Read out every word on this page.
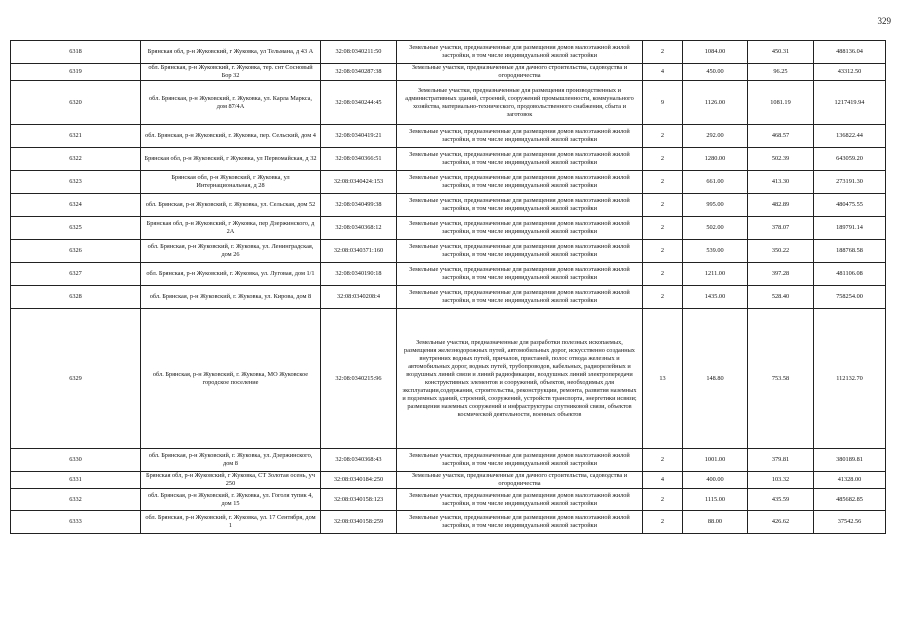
329
6318	Брянская обл, р-н Жуковский, г Жуковка, ул Тельмана, д 43 А	32:08:0340211:50	Земельные участки, предназначенные для размещения домов малоэтажной жилой застройки, в том числе индивидуальной жилой застройки	2	1084.00	450.31	488136.04
6319	обл. Брянская, р-н Жуковский, г. Жуковка, тер. снт Сосновый Бор 32	32:08:0340287:38	Земельные участки, предназначенные для дачного строительства, садоводства и огородничества	4	450.00	96.25	43312.50
6320	обл. Брянская, р-н Жуковский, г. Жуковка, ул. Карла Маркса, дом 87/4А	32:08:0340244:45	Земельные участки, предназначенные для размещения производственных и административных зданий, строений, сооружений промышленности, коммунального хозяйства, материально-технического, продовольственного снабжения, сбыта и заготовок	9	1126.00	1081.19	1217419.94
6321	обл. Брянская, р-н Жуковский, г. Жуковка, пер. Сельский, дом 4	32:08:0340419:21	Земельные участки, предназначенные для размещения домов малоэтажной жилой застройки, в том числе индивидуальной жилой застройки	2	292.00	468.57	136822.44
6322	Брянская обл, р-н Жуковский, г Жуковка, ул Первомайская, д 32	32:08:0340366:51	Земельные участки, предназначенные для размещения домов малоэтажной жилой застройки, в том числе индивидуальной жилой застройки	2	1280.00	502.39	643059.20
6323	Брянская обл, р-н Жуковский, г Жуковка, ул Интернациональная, д 28	32:08:0340424:153	Земельные участки, предназначенные для размещения домов малоэтажной жилой застройки, в том числе индивидуальной жилой застройки	2	661.00	413.30	273191.30
6324	обл. Брянская, р-н Жуковский, г. Жуковка, ул. Сельская, дом 52	32:08:0340499:38	Земельные участки, предназначенные для размещения домов малоэтажной жилой застройки, в том числе индивидуальной жилой застройки	2	995.00	482.89	480475.55
6325	Брянская обл, р-н Жуковский, г Жуковка, пер Дзержинского, д 2А	32:08:0340368:12	Земельные участки, предназначенные для размещения домов малоэтажной жилой застройки, в том числе индивидуальной жилой застройки	2	502.00	378.07	189791.14
6326	обл. Брянская, р-н Жуковский, г. Жуковка, ул. Ленинградская, дом 26	32:08:0340371:160	Земельные участки, предназначенные для размещения домов малоэтажной жилой застройки, в том числе индивидуальной жилой застройки	2	539.00	350.22	188768.58
6327	обл. Брянская, р-н Жуковский, г. Жуковка, ул. Луговая, дом 1/1	32:08:0340190:18	Земельные участки, предназначенные для размещения домов малоэтажной жилой застройки, в том числе индивидуальной жилой застройки	2	1211.00	397.28	481106.08
6328	обл. Брянская, р-н Жуковский, г. Жуковка, ул. Кирова, дом 8	32:08:0340208:4	Земельные участки, предназначенные для размещения домов малоэтажной жилой застройки, в том числе индивидуальной жилой застройки	2	1435.00	528.40	758254.00
6329	обл. Брянская, р-н Жуковский, г. Жуковка, МО Жуковское городское поселение	32:08:0340215:96	Земельные участки, предназначенные для разработки полезных ископаемых, размещения железнодорожных путей, автомобильных дорог, искусственно созданных внутренних водных путей, причалов, пристаней, полос отвода железных и автомобильных дорог, водных путей, трубопроводов, кабельных, радиорелейных и воздушных линий связи и линий радиофикации, воздушных линий электропередачи конструктивных элементов и сооружений, объектов, необходимых для эксплуатации,содержания, строительства, реконструкции, ремонта, развития наземных и подземных зданий, строений, сооружений, устройств транспорта, энергетики исвязи; размещения наземных сооружений и инфраструктуры спутниковой связи, объектов космической деятельности, военных объектов	13	148.80	753.58	112132.70
6330	обл. Брянская, р-н Жуковский, г. Жуковка, ул. Дзержинского, дом 8	32:08:0340368:43	Земельные участки, предназначенные для размещения домов малоэтажной жилой застройки, в том числе индивидуальной жилой застройки	2	1001.00	379.81	380189.81
6331	Брянская обл, р-н Жуковский, г Жуковка, СТ Золотая осень, уч 250	32:08:0340184:250	Земельные участки, предназначенные для дачного строительства, садоводства и огородничества	4	400.00	103.32	41328.00
6332	обл. Брянская, р-н Жуковский, г. Жуковка, ул. Гоголя тупик 4, дом 15	32:08:0340158:123	Земельные участки, предназначенные для размещения домов малоэтажной жилой застройки, в том числе индивидуальной жилой застройки	2	1115.00	435.59	485682.85
6333	обл. Брянская, р-н Жуковский, г. Жуковка, ул. 17 Сентября, дом 1	32:08:0340158:259	Земельные участки, предназначенные для размещения домов малоэтажной жилой застройки, в том числе индивидуальной жилой застройки	2	88.00	426.62	37542.56
